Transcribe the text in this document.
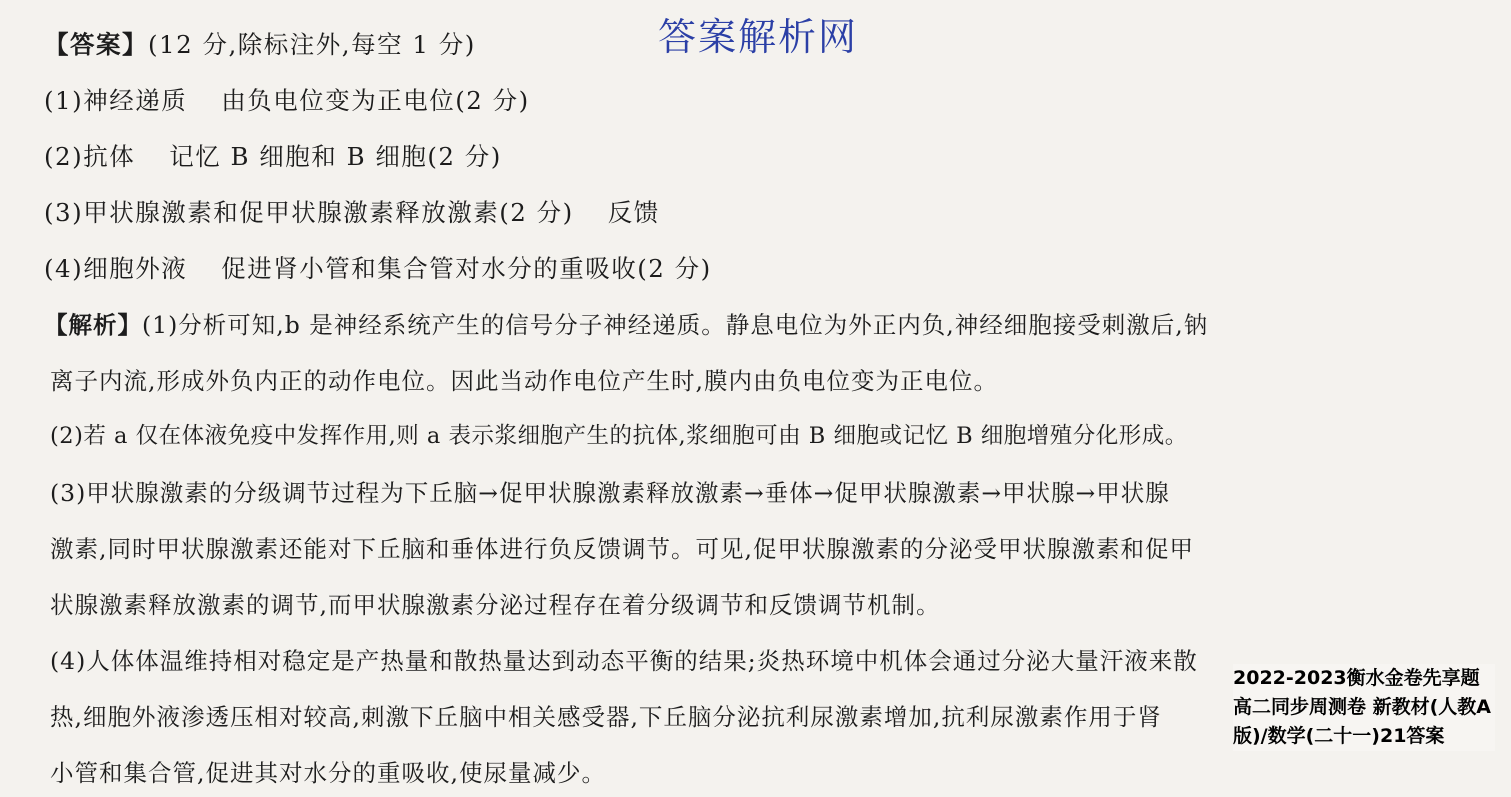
答案解析网
【答案】(12 分,除标注外,每空 1 分)
(1)神经递质 由负电位变为正电位(2 分)
(2)抗体 记忆 B 细胞和 B 细胞(2 分)
(3)甲状腺激素和促甲状腺激素释放激素(2 分) 反馈
(4)细胞外液 促进肾小管和集合管对水分的重吸收(2 分)
【解析】(1)分析可知,b 是神经系统产生的信号分子神经递质。静息电位为外正内负,神经细胞接受刺激后,钠
离子内流,形成外负内正的动作电位。因此当动作电位产生时,膜内由负电位变为正电位。
(2)若 a 仅在体液免疫中发挥作用,则 a 表示浆细胞产生的抗体,浆细胞可由 B 细胞或记忆 B 细胞增殖分化形成。
(3)甲状腺激素的分级调节过程为下丘脑→促甲状腺激素释放激素→垂体→促甲状腺激素→甲状腺→甲状腺
激素,同时甲状腺激素还能对下丘脑和垂体进行负反馈调节。可见,促甲状腺激素的分泌受甲状腺激素和促甲
状腺激素释放激素的调节,而甲状腺激素分泌过程存在着分级调节和反馈调节机制。
(4)人体体温维持相对稳定是产热量和散热量达到动态平衡的结果;炎热环境中机体会通过分泌大量汗液来散
热,细胞外液渗透压相对较高,刺激下丘脑中相关感受器,下丘脑分泌抗利尿激素增加,抗利尿激素作用于肾
小管和集合管,促进其对水分的重吸收,使尿量减少。
2022-2023衡水金卷先享题 高二同步周测卷 新教材(人教A版)/数学(二十一)21答案
